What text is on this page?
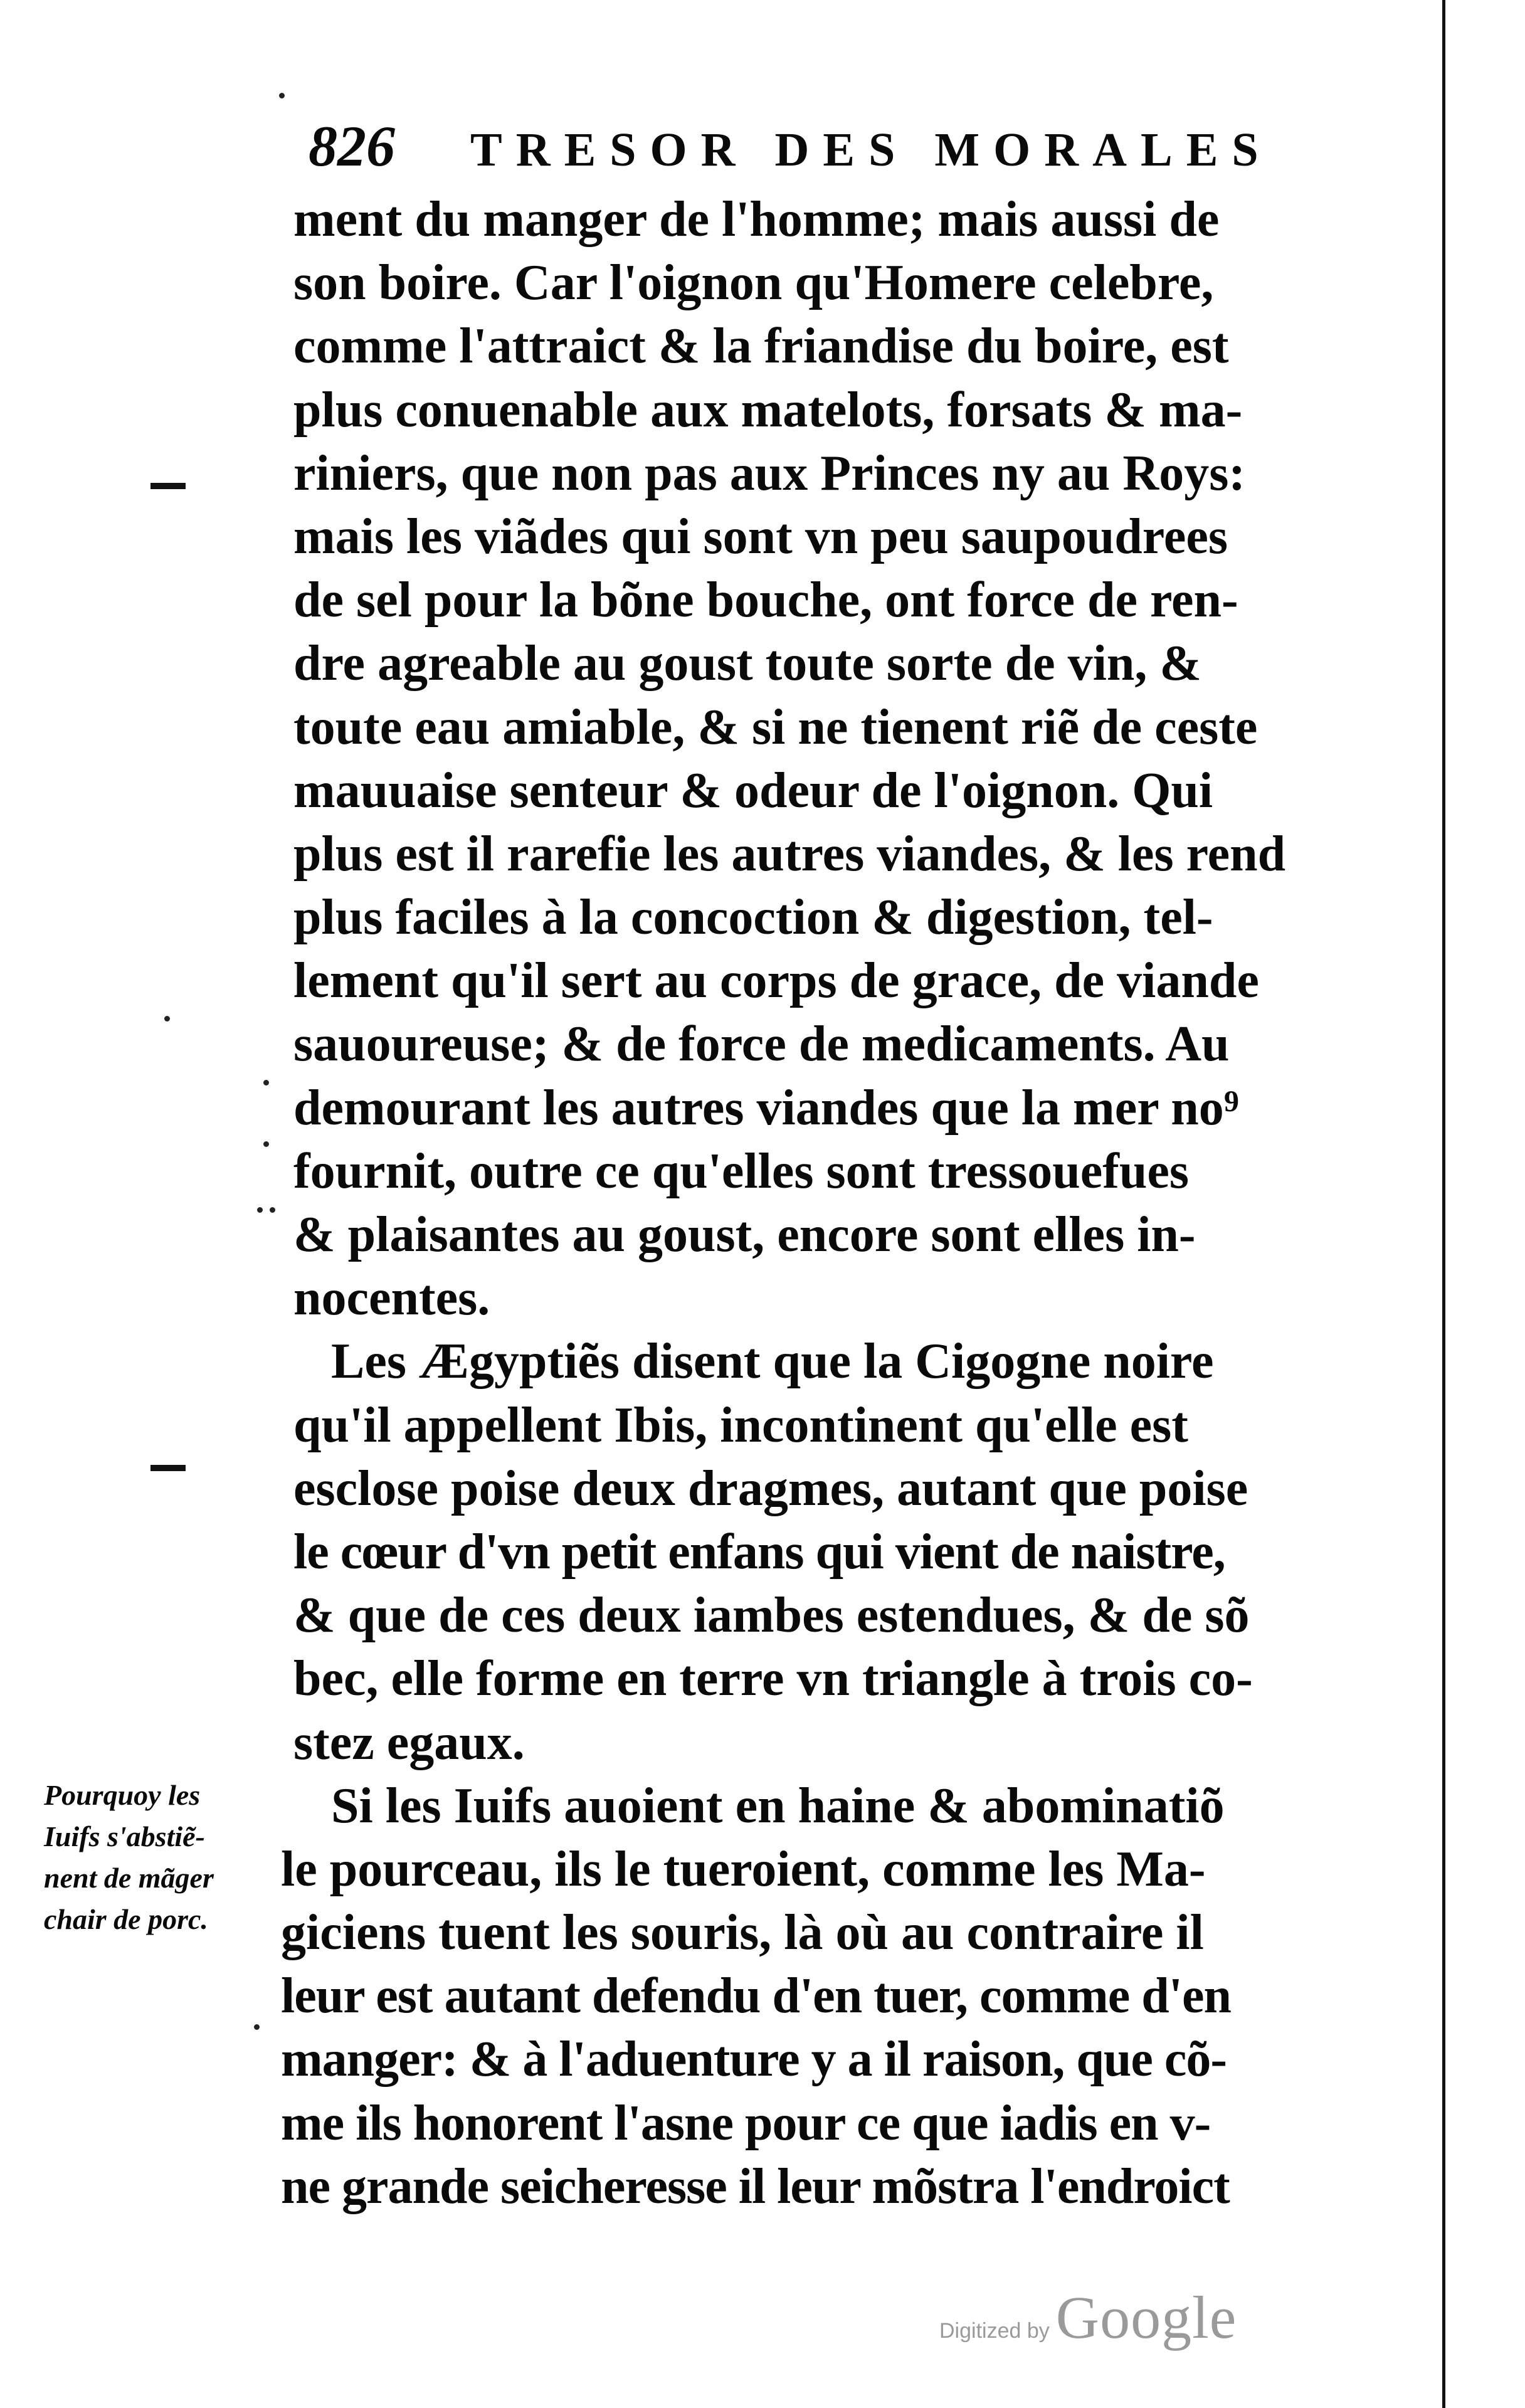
826 TRESOR DES MORALES
ment du manger de l'homme; mais aussi de
son boire. Car l'oignon qu'Homere celebre,
comme l'attraict & la friandise du boire, est
plus conuenable aux matelots, forsats & ma-
riniers, que non pas aux Princes ny au Roys:
mais les viãdes qui sont vn peu saupoudrees
de sel pour la bõne bouche, ont force de ren-
dre agreable au goust toute sorte de vin, &
toute eau amiable, & si ne tienent riẽ de ceste
mauuaise senteur & odeur de l'oignon. Qui
plus est il rarefie les autres viandes, & les rend
plus faciles à la concoction & digestion, tel-
lement qu'il sert au corps de grace, de viande
sauoureuse; & de force de medicaments. Au
demourant les autres viandes que la mer no⁹
fournit, outre ce qu'elles sont tressouefues
& plaisantes au goust, encore sont elles in-
nocentes.
Les Ægyptiẽs disent que la Cigogne noire
qu'il appellent Ibis, incontinent qu'elle est
esclose poise deux dragmes, autant que poise
le cœur d'vn petit enfans qui vient de naistre,
& que de ces deux iambes estendues, & de sõ
bec, elle forme en terre vn triangle à trois co-
stez egaux.
Si les Iuifs auoient en haine & abominatiõ
le pourceau, ils le tueroient, comme les Ma-
giciens tuent les souris, là où au contraire il
leur est autant defendu d'en tuer, comme d'en
manger: & à l'aduenture y a il raison, que cõ-
me ils honorent l'asne pour ce que iadis en v-
ne grande seicheresse il leur mõstra l'endroict
Pourquoy les
Iuifs s'abstiẽ-
nent de mãger
chair de porc.
Digitized by Google
